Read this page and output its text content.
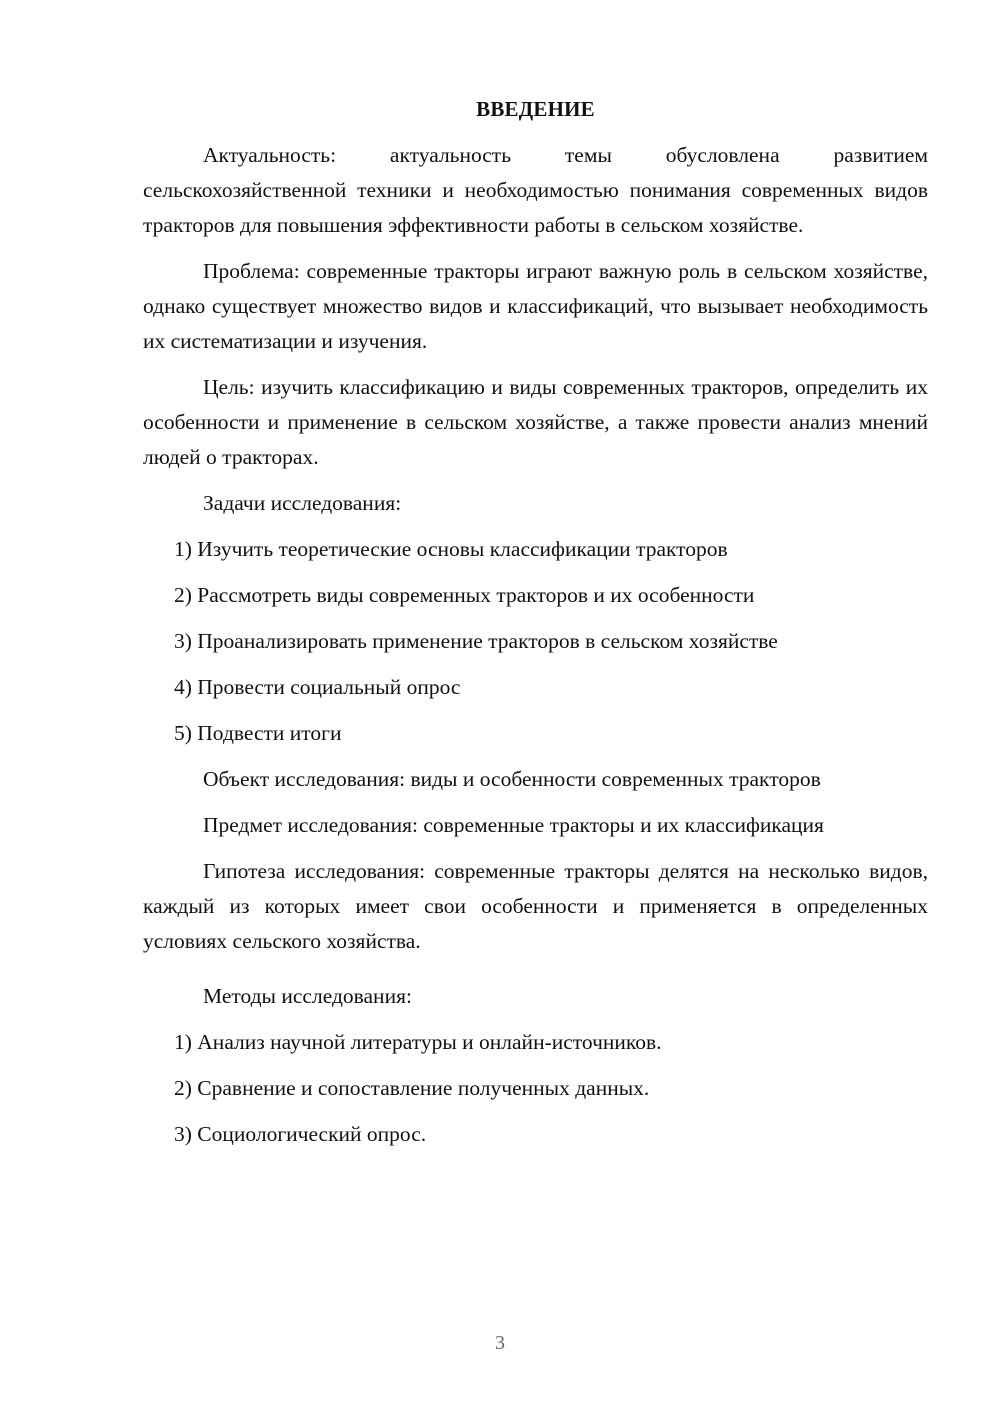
ВВЕДЕНИЕ

Актуальность: актуальность темы обусловлена развитием сельскохозяйственной техники и необходимостью понимания современных видов тракторов для повышения эффективности работы в сельском хозяйстве.

Проблема: современные тракторы играют важную роль в сельском хозяйстве, однако существует множество видов и классификаций, что вызывает необходимость их систематизации и изучения.

Цель: изучить классификацию и виды современных тракторов, определить их особенности и применение в сельском хозяйстве, а также провести анализ мнений людей о тракторах.

Задачи исследования:
1) Изучить теоретические основы классификации тракторов
2) Рассмотреть виды современных тракторов и их особенности
3) Проанализировать применение тракторов в сельском хозяйстве
4) Провести социальный опрос
5) Подвести итоги
Объект исследования: виды и особенности современных тракторов
Предмет исследования: современные тракторы и их классификация

Гипотеза исследования: современные тракторы делятся на несколько видов, каждый из которых имеет свои особенности и применяется в определенных условиях сельского хозяйства.

Методы исследования:
1) Анализ научной литературы и онлайн-источников.
2) Сравнение и сопоставление полученных данных.
3) Социологический опрос.
3
